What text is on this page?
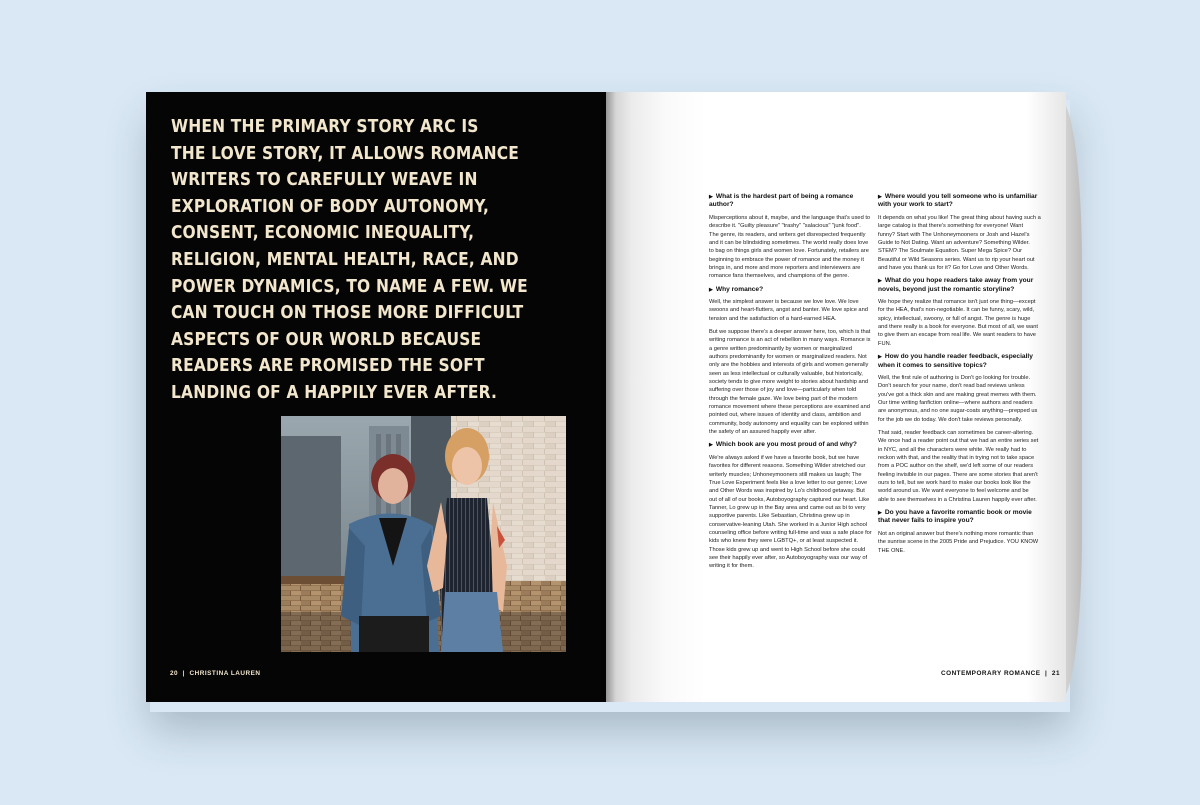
WHEN THE PRIMARY STORY ARC IS
THE LOVE STORY, IT ALLOWS ROMANCE
WRITERS TO CAREFULLY WEAVE IN
EXPLORATION OF BODY AUTONOMY,
CONSENT, ECONOMIC INEQUALITY,
RELIGION, MENTAL HEALTH, RACE, AND
POWER DYNAMICS, TO NAME A FEW. WE
CAN TOUCH ON THOSE MORE DIFFICULT
ASPECTS OF OUR WORLD BECAUSE
READERS ARE PROMISED THE SOFT
LANDING OF A HAPPILY EVER AFTER.
20 | CHRISTINA LAUREN	CONTEMPORARY ROMANCE | 21
▶ What is the hardest part of being a romance author?
Misperceptions about it, maybe, and the language that's used to describe it. "Guilty pleasure" "trashy" "salacious" "junk food". The genre, its readers, and writers get disrespected frequently and it can be blindsiding sometimes. The world really does love to bag on things girls and women love. Fortunately, retailers are beginning to embrace the power of romance and the money it brings in, and more and more reporters and interviewers are romance fans themselves, and champions of the genre.
▶ Why romance?
Well, the simplest answer is because we love love. We love swoons and heart-flutters, angst and banter. We love spice and tension and the satisfaction of a hard-earned HEA.
But we suppose there's a deeper answer here, too, which is that writing romance is an act of rebellion in many ways. Romance is a genre written predominantly by women or marginalized authors predominantly for women or marginalized readers. Not only are the hobbies and interests of girls and women generally seen as less intellectual or culturally valuable, but historically, society tends to give more weight to stories about hardship and suffering over those of joy and love—particularly when told through the female gaze. We love being part of the modern romance movement where these perceptions are examined and pointed out, where issues of identity and class, ambition and community, body autonomy and equality can be explored within the safety of an assured happily ever after.
▶ Which book are you most proud of and why?
We're always asked if we have a favorite book, but we have favorites for different reasons. Something Wilder stretched our writerly muscles; Unhoneymooners still makes us laugh; The True Love Experiment feels like a love letter to our genre; Love and Other Words was inspired by Lo's childhood getaway. But out of all of our books, Autoboyography captured our heart. Like Tanner, Lo grew up in the Bay area and came out as bi to very supportive parents. Like Sebastian, Christina grew up in conservative-leaning Utah. She worked in a Junior High school counseling office before writing full-time and was a safe place for kids who knew they were LGBTQ+, or at least suspected it. Those kids grew up and went to High School before she could see their happily ever after, so Autoboyography was our way of writing it for them.
▶ Where would you tell someone who is unfamiliar with your work to start?
It depends on what you like! The great thing about having such a large catalog is that there's something for everyone! Want funny? Start with The Unhoneymooners or Josh and Hazel's Guide to Not Dating. Want an adventure? Something Wilder. STEM? The Soulmate Equation. Super Mega Spice? Our Beautiful or Wild Seasons series. Want us to rip your heart out and have you thank us for it? Go for Love and Other Words.
▶ What do you hope readers take away from your novels, beyond just the romantic storyline?
We hope they realize that romance isn't just one thing—except for the HEA, that's non-negotiable. It can be funny, scary, wild, spicy, intellectual, swoony, or full of angst. The genre is huge and there really is a book for everyone. But most of all, we want to give them an escape from real life. We want readers to have FUN.
▶ How do you handle reader feedback, especially when it comes to sensitive topics?
Well, the first rule of authoring is Don't go looking for trouble. Don't search for your name, don't read bad reviews unless you've got a thick skin and are making great memes with them. Our time writing fanfiction online—where authors and readers are anonymous, and no one sugar-coats anything—prepped us for the job we do today. We don't take reviews personally.
That said, reader feedback can sometimes be career-altering. We once had a reader point out that we had an entire series set in NYC, and all the characters were white. We really had to reckon with that, and the reality that in trying not to take space from a POC author on the shelf, we'd left some of our readers feeling invisible in our pages. There are some stories that aren't ours to tell, but we work hard to make our books look like the world around us. We want everyone to feel welcome and be able to see themselves in a Christina Lauren happily ever after.
▶ Do you have a favorite romantic book or movie that never fails to inspire you?
Not an original answer but there's nothing more romantic than the sunrise scene in the 2005 Pride and Prejudice. YOU KNOW THE ONE.
